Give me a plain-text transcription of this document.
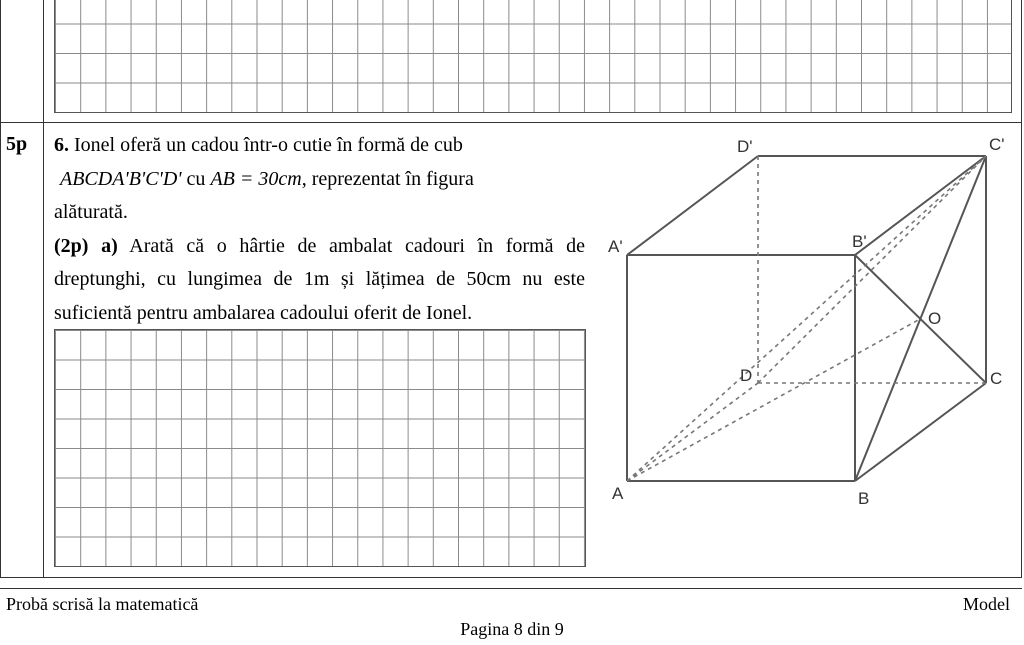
5p 6. Ionel oferă un cadou într-o cutie în formă de cub
ABCDA'B'C'D' cu AB = 30cm, reprezentat în figura
alăturată.

(2p) a) Arată că o hârtie de ambalat cadouri în formă de dreptunghi, cu lungimea de 1m și lățimea de 50cm nu este suficientă pentru ambalarea cadoului oferit de Ionel.

A'
D'	C'
B'
O
D	C
A	B
Probă scrisă la matematică	Model
Pagina 8 din 9
